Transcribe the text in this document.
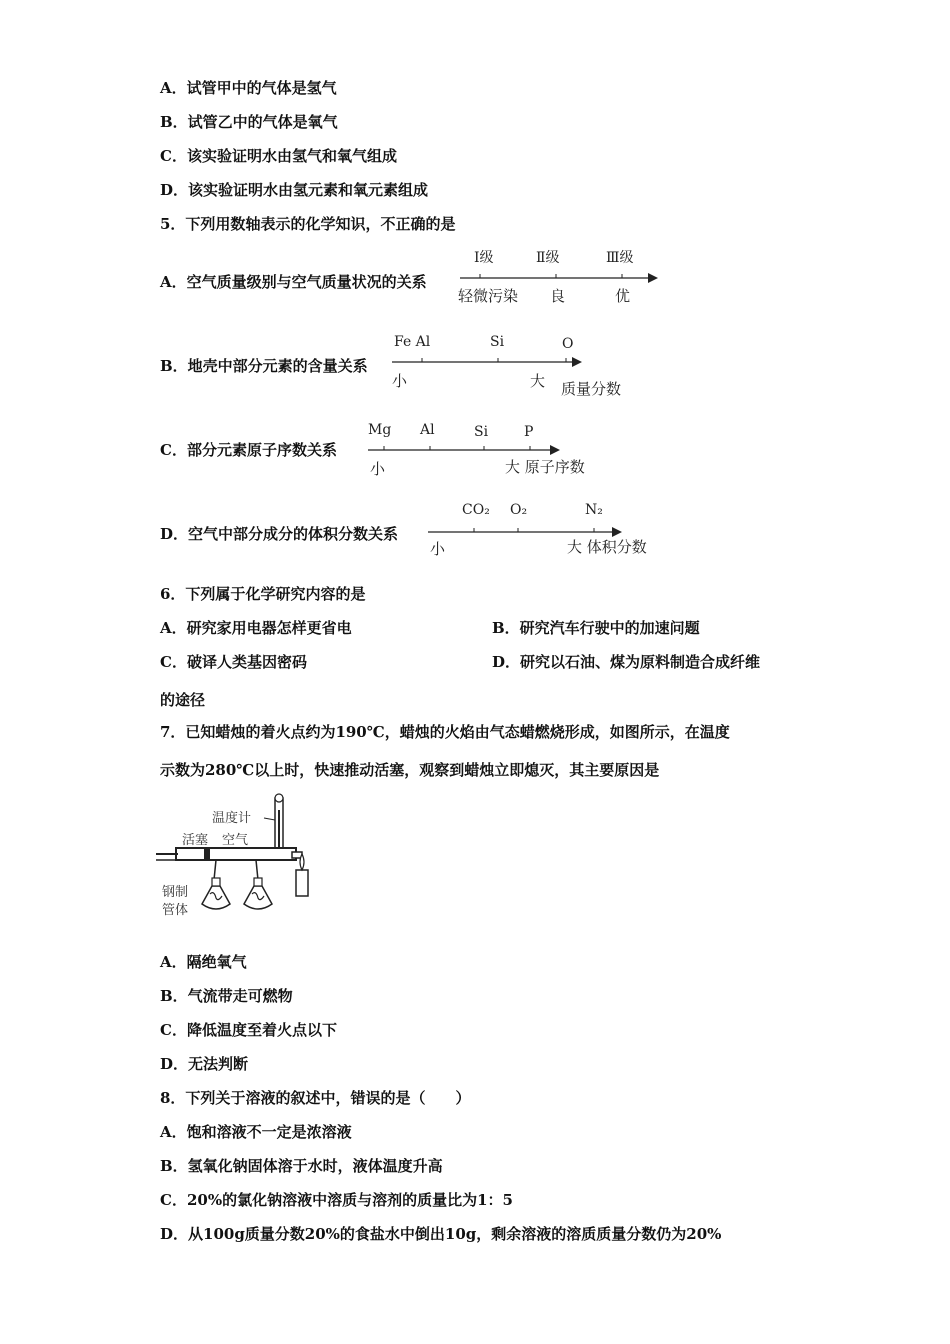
A．试管甲中的气体是氢气
B．试管乙中的气体是氧气
C．该实验证明水由氢气和氧气组成
D．该实验证明水由氢元素和氧元素组成
5．下列用数轴表示的化学知识，不正确的是
A．空气质量级别与空气质量状况的关系
Ⅰ级	Ⅱ级	Ⅲ级
轻微污染 良	优
B．地壳中部分元素的含量关系
Fe Al	Si	O
小	大 质量分数
C．部分元素原子序数关系
Mg Al	Si	P
小	大 原子序数
D．空气中部分成分的体积分数关系
CO₂ O₂	N₂
小	大 体积分数
6．下列属于化学研究内容的是
A．研究家用电器怎样更省电	B．研究汽车行驶中的加速问题
C．破译人类基因密码	D．研究以石油、煤为原料制造合成纤维
的途径
7．已知蜡烛的着火点约为190℃，蜡烛的火焰由气态蜡燃烧形成，如图所示，在温度
示数为280℃以上时，快速推动活塞，观察到蜡烛立即熄灭，其主要原因是
温度计
活塞 空气
钢制
管体
A．隔绝氧气
B．气流带走可燃物
C．降低温度至着火点以下
D．无法判断
8．下列关于溶液的叙述中，错误的是（　　）
A．饱和溶液不一定是浓溶液
B．氢氧化钠固体溶于水时，液体温度升高
C．20%的氯化钠溶液中溶质与溶剂的质量比为1：5
D．从100g质量分数20%的食盐水中倒出10g，剩余溶液的溶质质量分数仍为20%
